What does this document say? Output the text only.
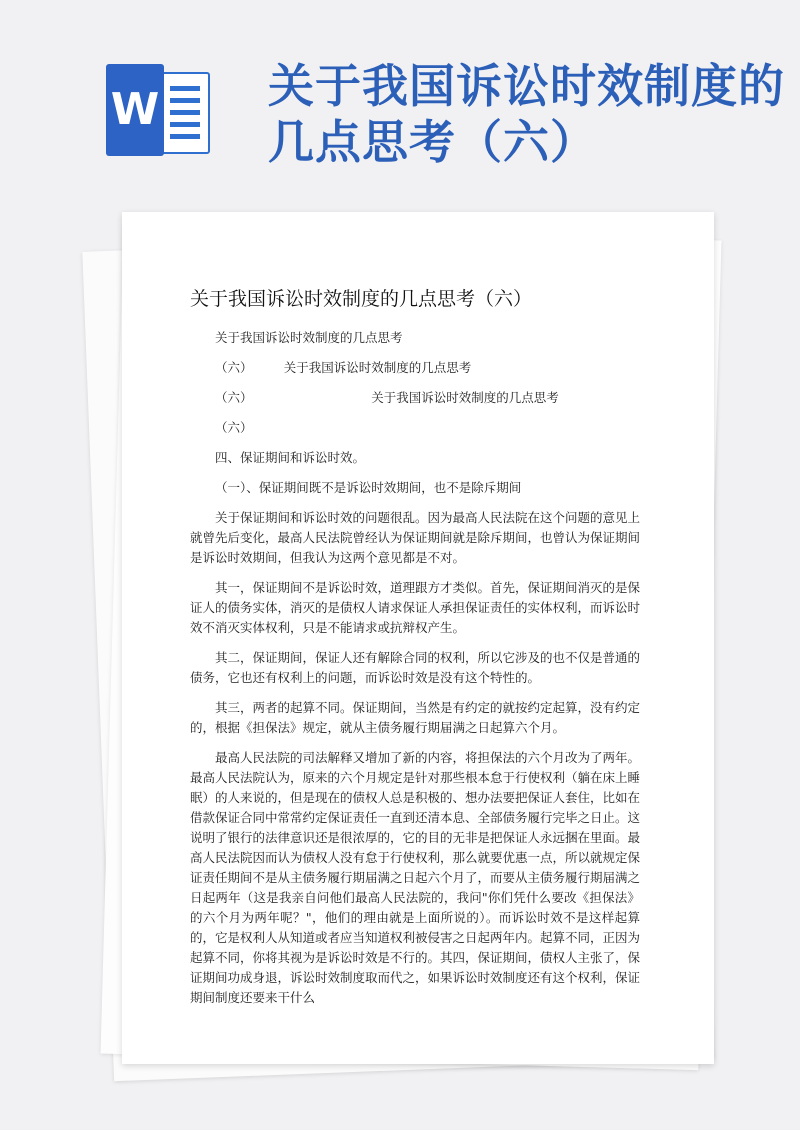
W 关于我国诉讼时效制度的几点思考（六）
关于我国诉讼时效制度的几点思考（六）

关于我国诉讼时效制度的几点思考

（六）　　　关于我国诉讼时效制度的几点思考

（六）　　　　　　　　　　关于我国诉讼时效制度的几点思考

（六）

四、保证期间和诉讼时效。

（一）、保证期间既不是诉讼时效期间，也不是除斥期间

关于保证期间和诉讼时效的问题很乱。因为最高人民法院在这个问题的意见上就曾先后变化，最高人民法院曾经认为保证期间就是除斥期间，也曾认为保证期间是诉讼时效期间，但我认为这两个意见都是不对。

其一，保证期间不是诉讼时效，道理跟方才类似。首先，保证期间消灭的是保证人的债务实体，消灭的是债权人请求保证人承担保证责任的实体权利，而诉讼时效不消灭实体权利，只是不能请求或抗辩权产生。

其二，保证期间，保证人还有解除合同的权利，所以它涉及的也不仅是普通的债务，它也还有权利上的问题，而诉讼时效是没有这个特性的。

其三，两者的起算不同。保证期间，当然是有约定的就按约定起算，没有约定的，根据《担保法》规定，就从主债务履行期届满之日起算六个月。

最高人民法院的司法解释又增加了新的内容，将担保法的六个月改为了两年。最高人民法院认为，原来的六个月规定是针对那些根本怠于行使权利（躺在床上睡眠）的人来说的，但是现在的债权人总是积极的、想办法要把保证人套住，比如在借款保证合同中常常约定保证责任一直到还清本息、全部债务履行完毕之日止。这说明了银行的法律意识还是很浓厚的，它的目的无非是把保证人永远捆在里面。最高人民法院因而认为债权人没有怠于行使权利，那么就要优惠一点，所以就规定保证责任期间不是从主债务履行期届满之日起六个月了，而要从主债务履行期届满之日起两年（这是我亲自问他们最高人民法院的，我问"你们凭什么要改《担保法》的六个月为两年呢？"，他们的理由就是上面所说的）。而诉讼时效不是这样起算的，它是权利人从知道或者应当知道权利被侵害之日起两年内。起算不同，正因为起算不同，你将其视为是诉讼时效是不行的。其四，保证期间，债权人主张了，保证期间功成身退，诉讼时效制度取而代之，如果诉讼时效制度还有这个权利，保证期间制度还要来干什么
